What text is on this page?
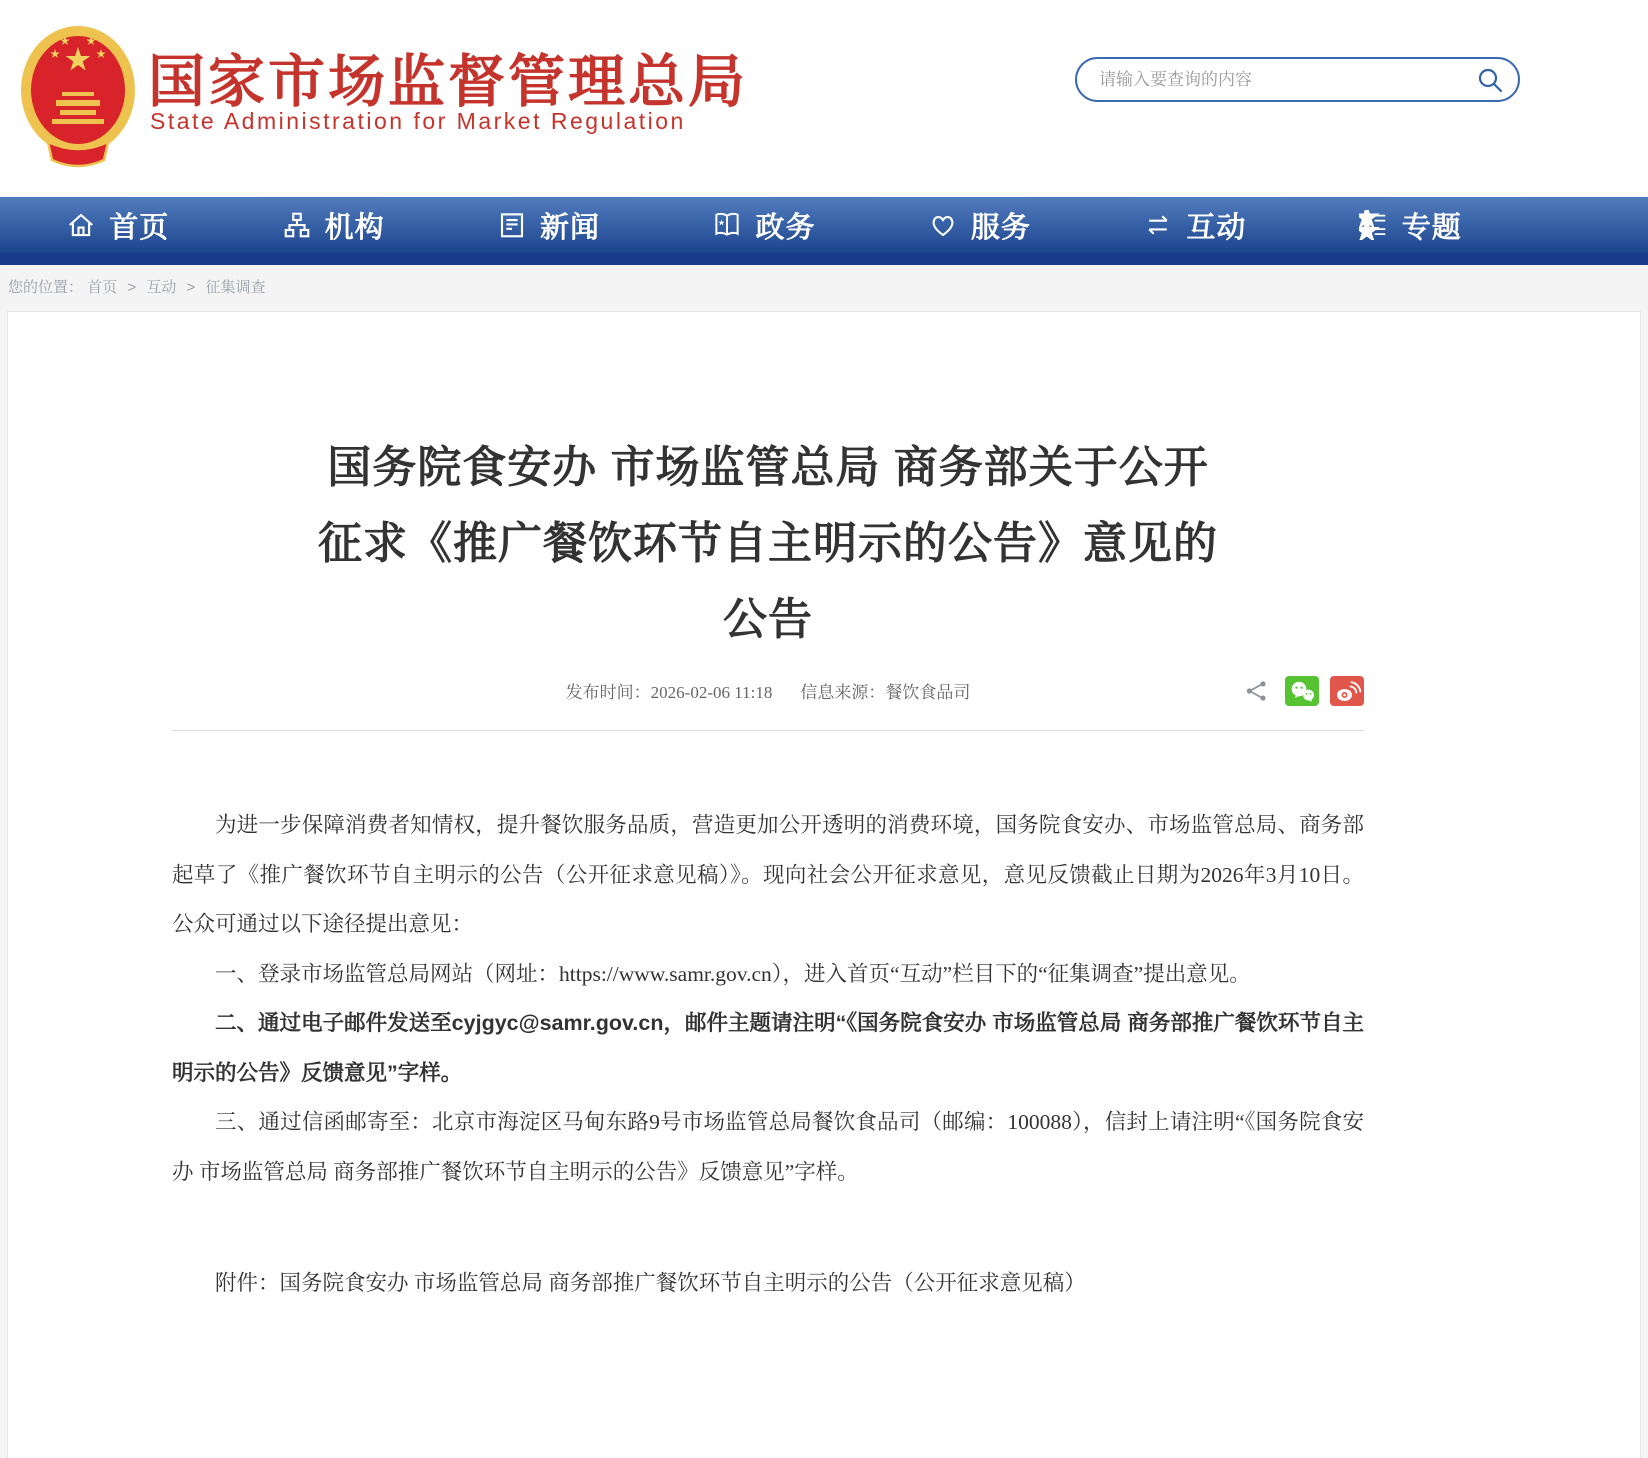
国家市场监督管理总局
State Administration for Market Regulation
请输入要查询的内容
首页	机构	新闻	政务	服务	互动	专题
您的位置： 首页 > 互动 > 征集调查
国务院食安办 市场监管总局 商务部关于公开
征求《推广餐饮环节自主明示的公告》意见的
公告
发布时间：2026-02-06 11:18 信息来源：餐饮食品司

为进一步保障消费者知情权，提升餐饮服务品质，营造更加公开透明的消费环境，国务院食安办、市场监管总局、商务部起草了《推广餐饮环节自主明示的公告（公开征求意见稿）》。现向社会公开征求意见，意见反馈截止日期为2026年3月10日。公众可通过以下途径提出意见：

一、登录市场监管总局网站（网址：https://www.samr.gov.cn），进入首页“互动”栏目下的“征集调查”提出意见。

二、通过电子邮件发送至cyjgyc@samr.gov.cn，邮件主题请注明“《国务院食安办 市场监管总局 商务部推广餐饮环节自主明示的公告》反馈意见”字样。

三、通过信函邮寄至：北京市海淀区马甸东路9号市场监管总局餐饮食品司（邮编：100088），信封上请注明“《国务院食安办 市场监管总局 商务部推广餐饮环节自主明示的公告》反馈意见”字样。

附件：国务院食安办 市场监管总局 商务部推广餐饮环节自主明示的公告（公开征求意见稿）
